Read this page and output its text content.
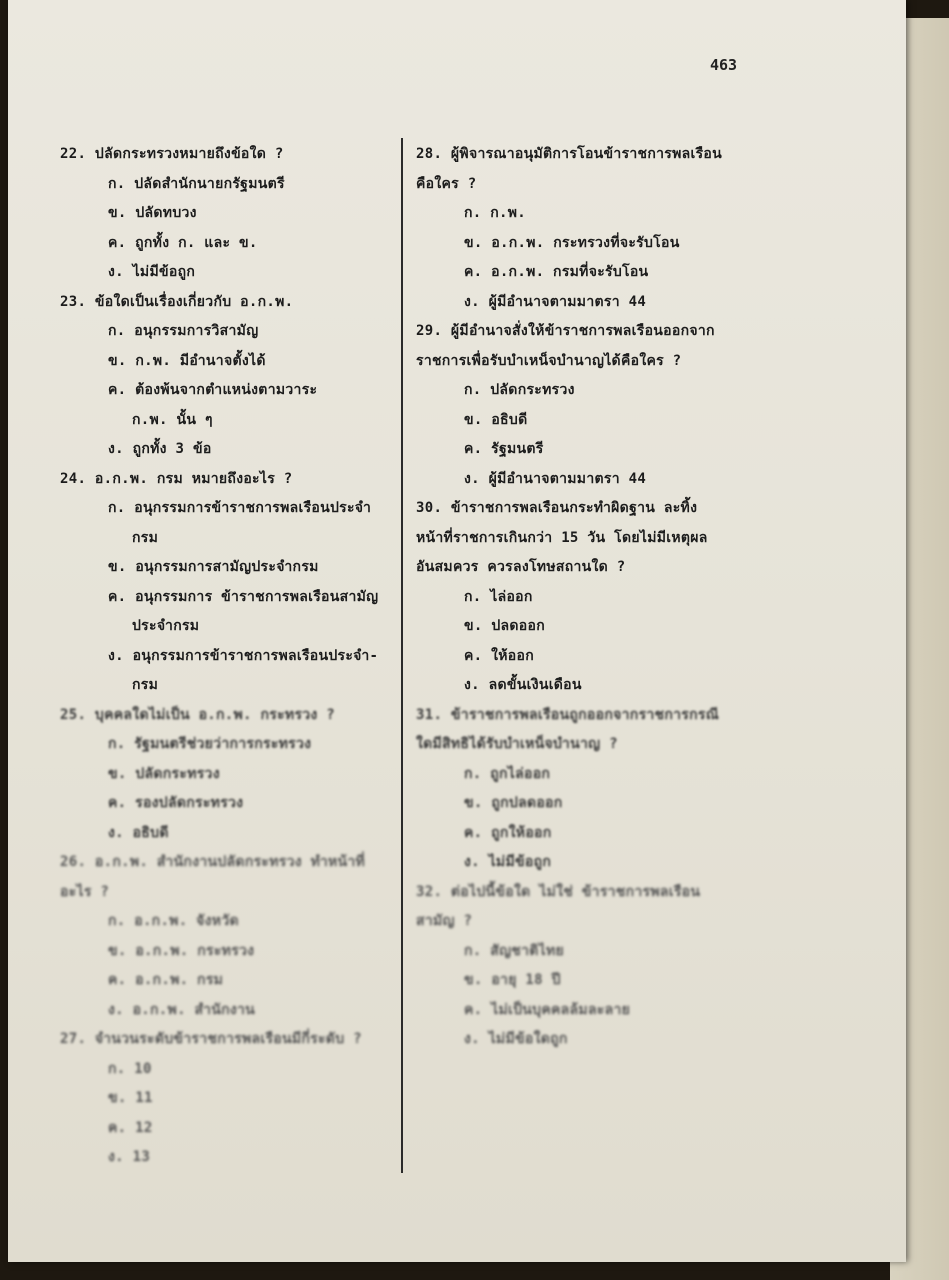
463
22. ปลัดกระทรวงหมายถึงข้อใด ?
ก. ปลัดสำนักนายกรัฐมนตรี
ข. ปลัดทบวง
ค. ถูกทั้ง ก. และ ข.
ง. ไม่มีข้อถูก
23. ข้อใดเป็นเรื่องเกี่ยวกับ อ.ก.พ.
ก. อนุกรรมการวิสามัญ
ข. ก.พ. มีอำนาจตั้งได้
ค. ต้องพ้นจากตำแหน่งตามวาระ
ก.พ. นั้น ๆ
ง. ถูกทั้ง 3 ข้อ
24. อ.ก.พ. กรม หมายถึงอะไร ?
ก. อนุกรรมการข้าราชการพลเรือนประจำ
กรม
ข. อนุกรรมการสามัญประจำกรม
ค. อนุกรรมการ ข้าราชการพลเรือนสามัญ
ประจำกรม
ง. อนุกรรมการข้าราชการพลเรือนประจำ-
กรม
25. บุคคลใดไม่เป็น อ.ก.พ. กระทรวง ?
ก. รัฐมนตรีช่วยว่าการกระทรวง
ข. ปลัดกระทรวง
ค. รองปลัดกระทรวง
ง. อธิบดี
26. อ.ก.พ. สำนักงานปลัดกระทรวง ทำหน้าที่
อะไร ?
ก. อ.ก.พ. จังหวัด
ข. อ.ก.พ. กระทรวง
ค. อ.ก.พ. กรม
ง. อ.ก.พ. สำนักงาน
27. จำนวนระดับข้าราชการพลเรือนมีกี่ระดับ ?
ก. 10
ข. 11
ค. 12
ง. 13
28. ผู้พิจารณาอนุมัติการโอนข้าราชการพลเรือน
คือใคร ?
ก. ก.พ.
ข. อ.ก.พ. กระทรวงที่จะรับโอน
ค. อ.ก.พ. กรมที่จะรับโอน
ง. ผู้มีอำนาจตามมาตรา 44
29. ผู้มีอำนาจสั่งให้ข้าราชการพลเรือนออกจาก
ราชการเพื่อรับบำเหน็จบำนาญได้คือใคร ?
ก. ปลัดกระทรวง
ข. อธิบดี
ค. รัฐมนตรี
ง. ผู้มีอำนาจตามมาตรา 44
30. ข้าราชการพลเรือนกระทำผิดฐาน ละทิ้ง
หน้าที่ราชการเกินกว่า 15 วัน โดยไม่มีเหตุผล
อันสมควร ควรลงโทษสถานใด ?
ก. ไล่ออก
ข. ปลดออก
ค. ให้ออก
ง. ลดขั้นเงินเดือน
31. ข้าราชการพลเรือนถูกออกจากราชการกรณี
ใดมีสิทธิได้รับบำเหน็จบำนาญ ?
ก. ถูกไล่ออก
ข. ถูกปลดออก
ค. ถูกให้ออก
ง. ไม่มีข้อถูก
32. ต่อไปนี้ข้อใด ไม่ใช่ ข้าราชการพลเรือน
สามัญ ?
ก. สัญชาติไทย
ข. อายุ 18 ปี
ค. ไม่เป็นบุคคลล้มละลาย
ง. ไม่มีข้อใดถูก
